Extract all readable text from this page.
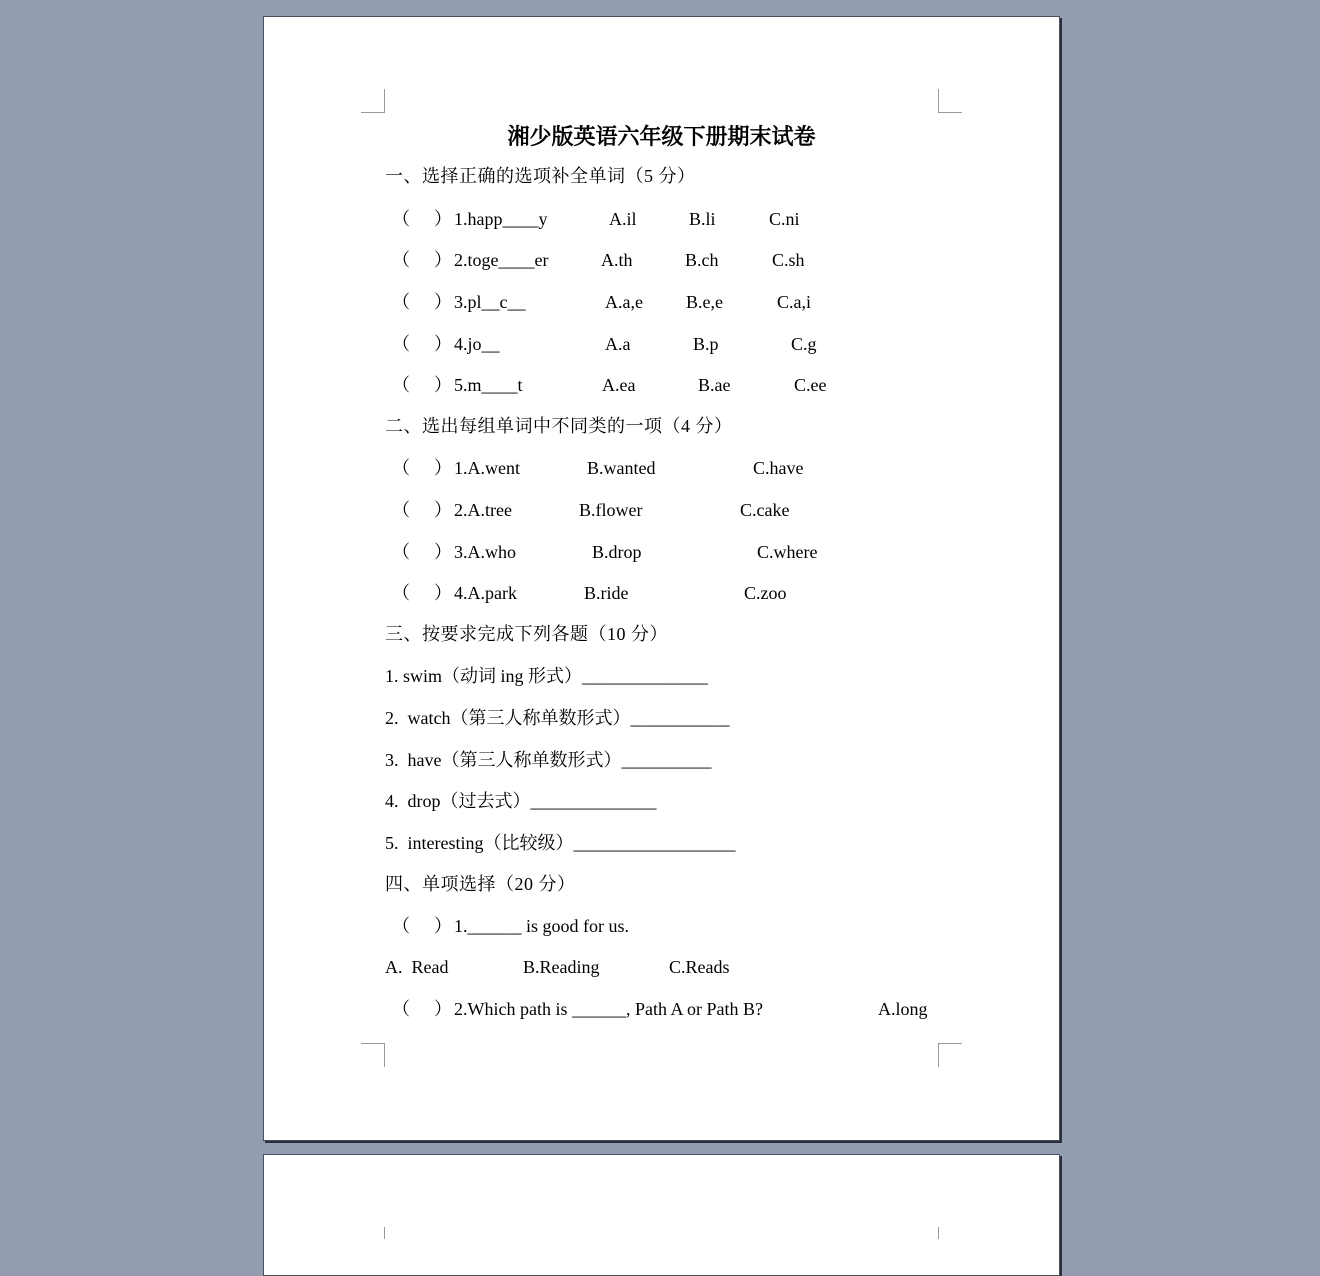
湘少版英语六年级下册期末试卷
一、选择正确的选项补全单词（5 分）
（ ） 1.happ____y	A.il	B.li	C.ni
（ ） 2.toge____er	A.th	B.ch	C.sh
（ ） 3.pl__c__	A.a,e B.e,e	C.a,i
（ ） 4.jo__	A.a	B.p	C.g
（ ） 5.m____t	A.ea	B.ae	C.ee
二、选出每组单词中不同类的一项（4 分）
（ ） 1.A.went	B.wanted	C.have
（ ） 2.A.tree	B.flower	C.cake
（ ） 3.A.who	B.drop	C.where
（ ） 4.A.park	B.ride	C.zoo
三、按要求完成下列各题（10 分）
1. swim（动词 ing 形式）______________
2.  watch（第三人称单数形式）___________
3.  have（第三人称单数形式）__________
4.  drop（过去式）______________
5.  interesting（比较级）__________________
四、单项选择（20 分）
（ ） 1.______ is good for us.
A.  Read	B.Reading	C.Reads
（ ） 2.Which path is ______, Path A or Path B?	A.long
